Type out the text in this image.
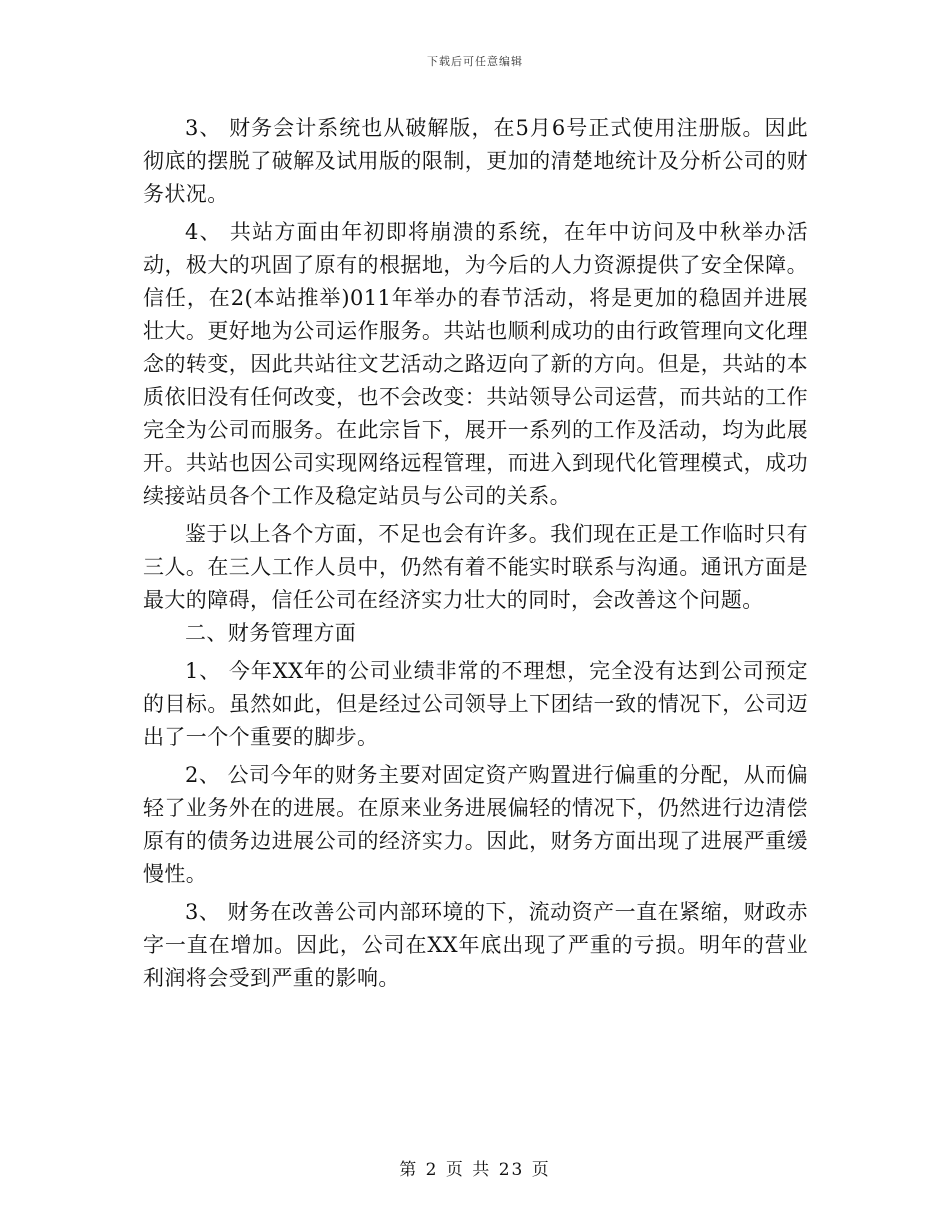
下载后可任意编辑

3、 财务会计系统也从破解版，在5月6号正式使用注册版。因此彻底的摆脱了破解及试用版的限制，更加的清楚地统计及分析公司的财务状况。

4、 共站方面由年初即将崩溃的系统，在年中访问及中秋举办活动，极大的巩固了原有的根据地，为今后的人力资源提供了安全保障。信任，在2(本站推举)011年举办的春节活动，将是更加的稳固并进展壮大。更好地为公司运作服务。共站也顺利成功的由行政管理向文化理念的转变，因此共站往文艺活动之路迈向了新的方向。但是，共站的本质依旧没有任何改变，也不会改变：共站领导公司运营，而共站的工作完全为公司而服务。在此宗旨下，展开一系列的工作及活动，均为此展开。共站也因公司实现网络远程管理，而进入到现代化管理模式，成功续接站员各个工作及稳定站员与公司的关系。

鉴于以上各个方面，不足也会有许多。我们现在正是工作临时只有三人。在三人工作人员中，仍然有着不能实时联系与沟通。通讯方面是最大的障碍，信任公司在经济实力壮大的同时，会改善这个问题。

二、财务管理方面

1、 今年XX年的公司业绩非常的不理想，完全没有达到公司预定的目标。虽然如此，但是经过公司领导上下团结一致的情况下，公司迈出了一个个重要的脚步。

2、 公司今年的财务主要对固定资产购置进行偏重的分配，从而偏轻了业务外在的进展。在原来业务进展偏轻的情况下，仍然进行边清偿原有的债务边进展公司的经济实力。因此，财务方面出现了进展严重缓慢性。

3、 财务在改善公司内部环境的下，流动资产一直在紧缩，财政赤字一直在增加。因此，公司在XX年底出现了严重的亏损。明年的营业利润将会受到严重的影响。

第 2 页 共 23 页
